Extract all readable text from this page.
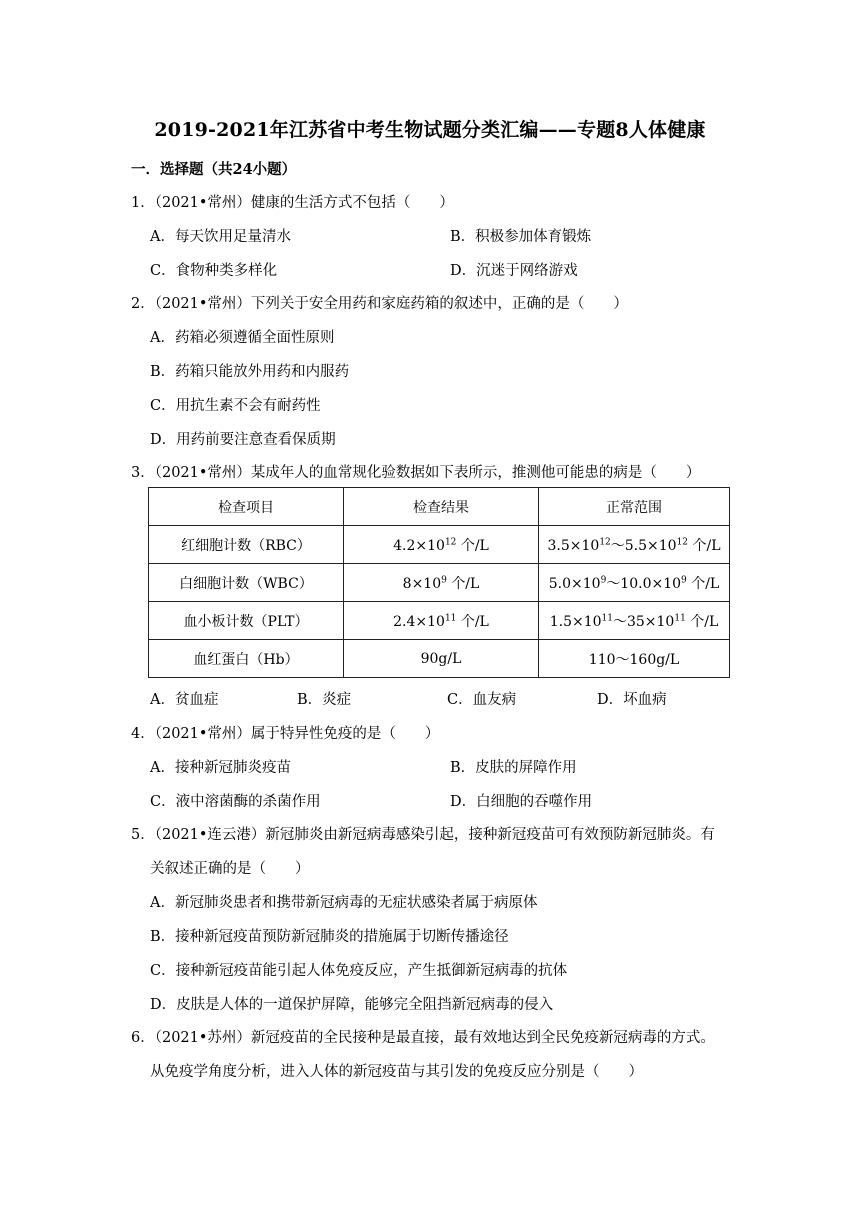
2019-2021年江苏省中考生物试题分类汇编——专题8人体健康
一．选择题（共24小题）
1．（2021•常州）健康的生活方式不包括（　　）
A．每天饮用足量清水	B．积极参加体育锻炼
C．食物种类多样化	D．沉迷于网络游戏
2．（2021•常州）下列关于安全用药和家庭药箱的叙述中，正确的是（　　）
A．药箱必须遵循全面性原则
B．药箱只能放外用药和内服药
C．用抗生素不会有耐药性
D．用药前要注意查看保质期
3．（2021•常州）某成年人的血常规化验数据如下表所示，推测他可能患的病是（　　）
检查项目	检查结果	正常范围
红细胞计数（RBC）	$4.2\times 10^{12}$ 个/L	$3.5\times 10^{12}\sim 5.5\times 10^{12}$ 个/L
白细胞计数（WBC）	$8\times 10^9$ 个/L	$5.0\times 10^9\sim 10.0\times 10^9$ 个/L
血小板计数（PLT）	$2.4\times 10^{11}$ 个/L	$1.5\times 10^{11}\sim 35\times 10^{11}$ 个/L
血红蛋白（Hb）	90g/L	110～160g/L
A．贫血症	B．炎症	C．血友病	D．坏血病
4．（2021•常州）属于特异性免疫的是（　　）
A．接种新冠肺炎疫苗	B．皮肤的屏障作用
C．液中溶菌酶的杀菌作用	D．白细胞的吞噬作用
5．（2021•连云港）新冠肺炎由新冠病毒感染引起，接种新冠疫苗可有效预防新冠肺炎。有
关叙述正确的是（　　）
A．新冠肺炎患者和携带新冠病毒的无症状感染者属于病原体
B．接种新冠疫苗预防新冠肺炎的措施属于切断传播途径
C．接种新冠疫苗能引起人体免疫反应，产生抵御新冠病毒的抗体
D．皮肤是人体的一道保护屏障，能够完全阻挡新冠病毒的侵入
6．（2021•苏州）新冠疫苗的全民接种是最直接，最有效地达到全民免疫新冠病毒的方式。
从免疫学角度分析，进入人体的新冠疫苗与其引发的免疫反应分别是（　　）
